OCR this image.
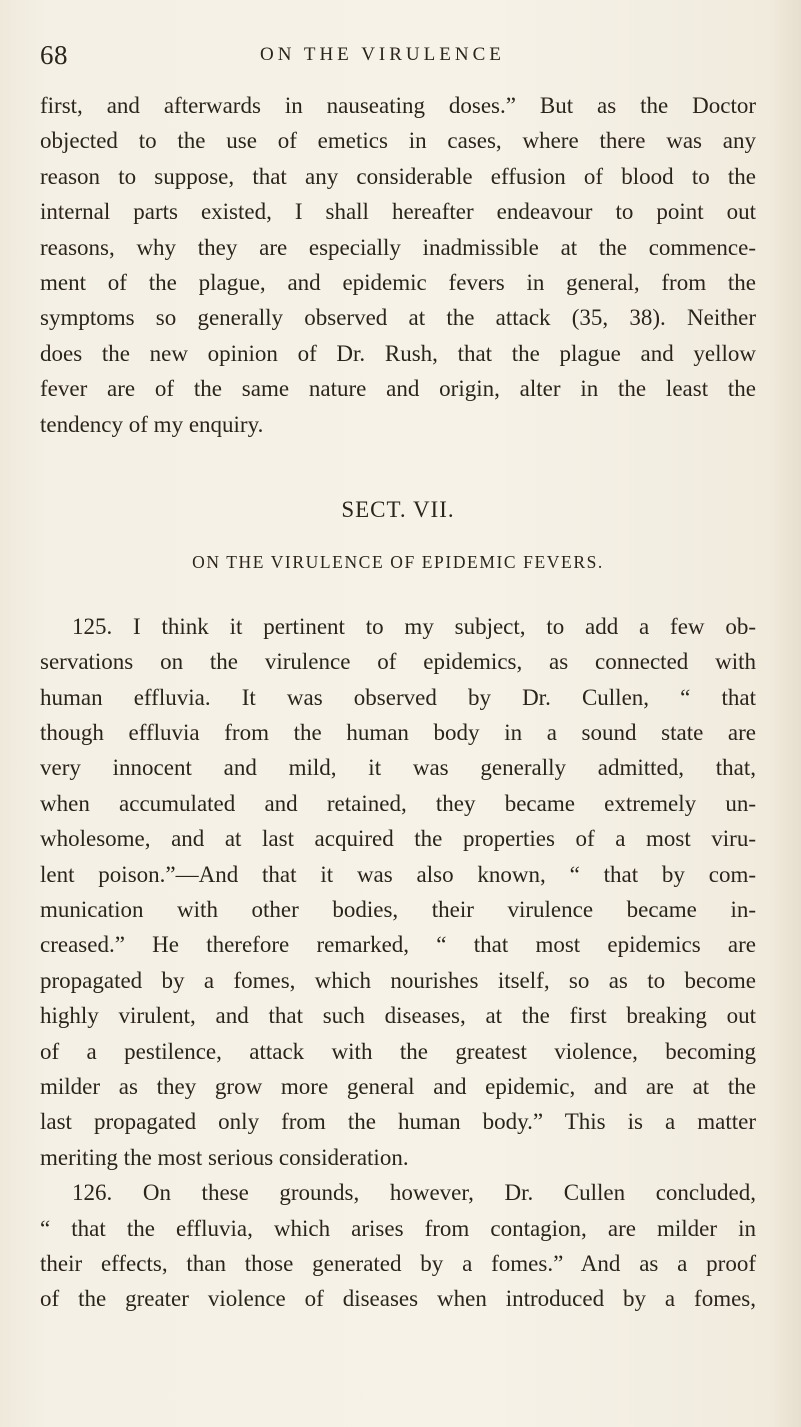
68	ON THE VIRULENCE
first, and afterwards in nauseating doses.” But as the Doctor
objected to the use of emetics in cases, where there was any
reason to suppose, that any considerable effusion of blood to the
internal parts existed, I shall hereafter endeavour to point out
reasons, why they are especially inadmissible at the commence-
ment of the plague, and epidemic fevers in general, from the
symptoms so generally observed at the attack (35, 38). Neither
does the new opinion of Dr. Rush, that the plague and yellow
fever are of the same nature and origin, alter in the least the
tendency of my enquiry.
SECT. VII.
ON THE VIRULENCE OF EPIDEMIC FEVERS.
125. I think it pertinent to my subject, to add a few ob-
servations on the virulence of epidemics, as connected with
human effluvia. It was observed by Dr. Cullen, “ that
though effluvia from the human body in a sound state are
very innocent and mild, it was generally admitted, that,
when accumulated and retained, they became extremely un-
wholesome, and at last acquired the properties of a most viru-
lent poison.”—And that it was also known, “ that by com-
munication with other bodies, their virulence became in-
creased.” He therefore remarked, “ that most epidemics are
propagated by a fomes, which nourishes itself, so as to become
highly virulent, and that such diseases, at the first breaking out
of a pestilence, attack with the greatest violence, becoming
milder as they grow more general and epidemic, and are at the
last propagated only from the human body.” This is a matter
meriting the most serious consideration.
126. On these grounds, however, Dr. Cullen concluded,
“ that the effluvia, which arises from contagion, are milder in
their effects, than those generated by a fomes.” And as a proof
of the greater violence of diseases when introduced by a fomes,
